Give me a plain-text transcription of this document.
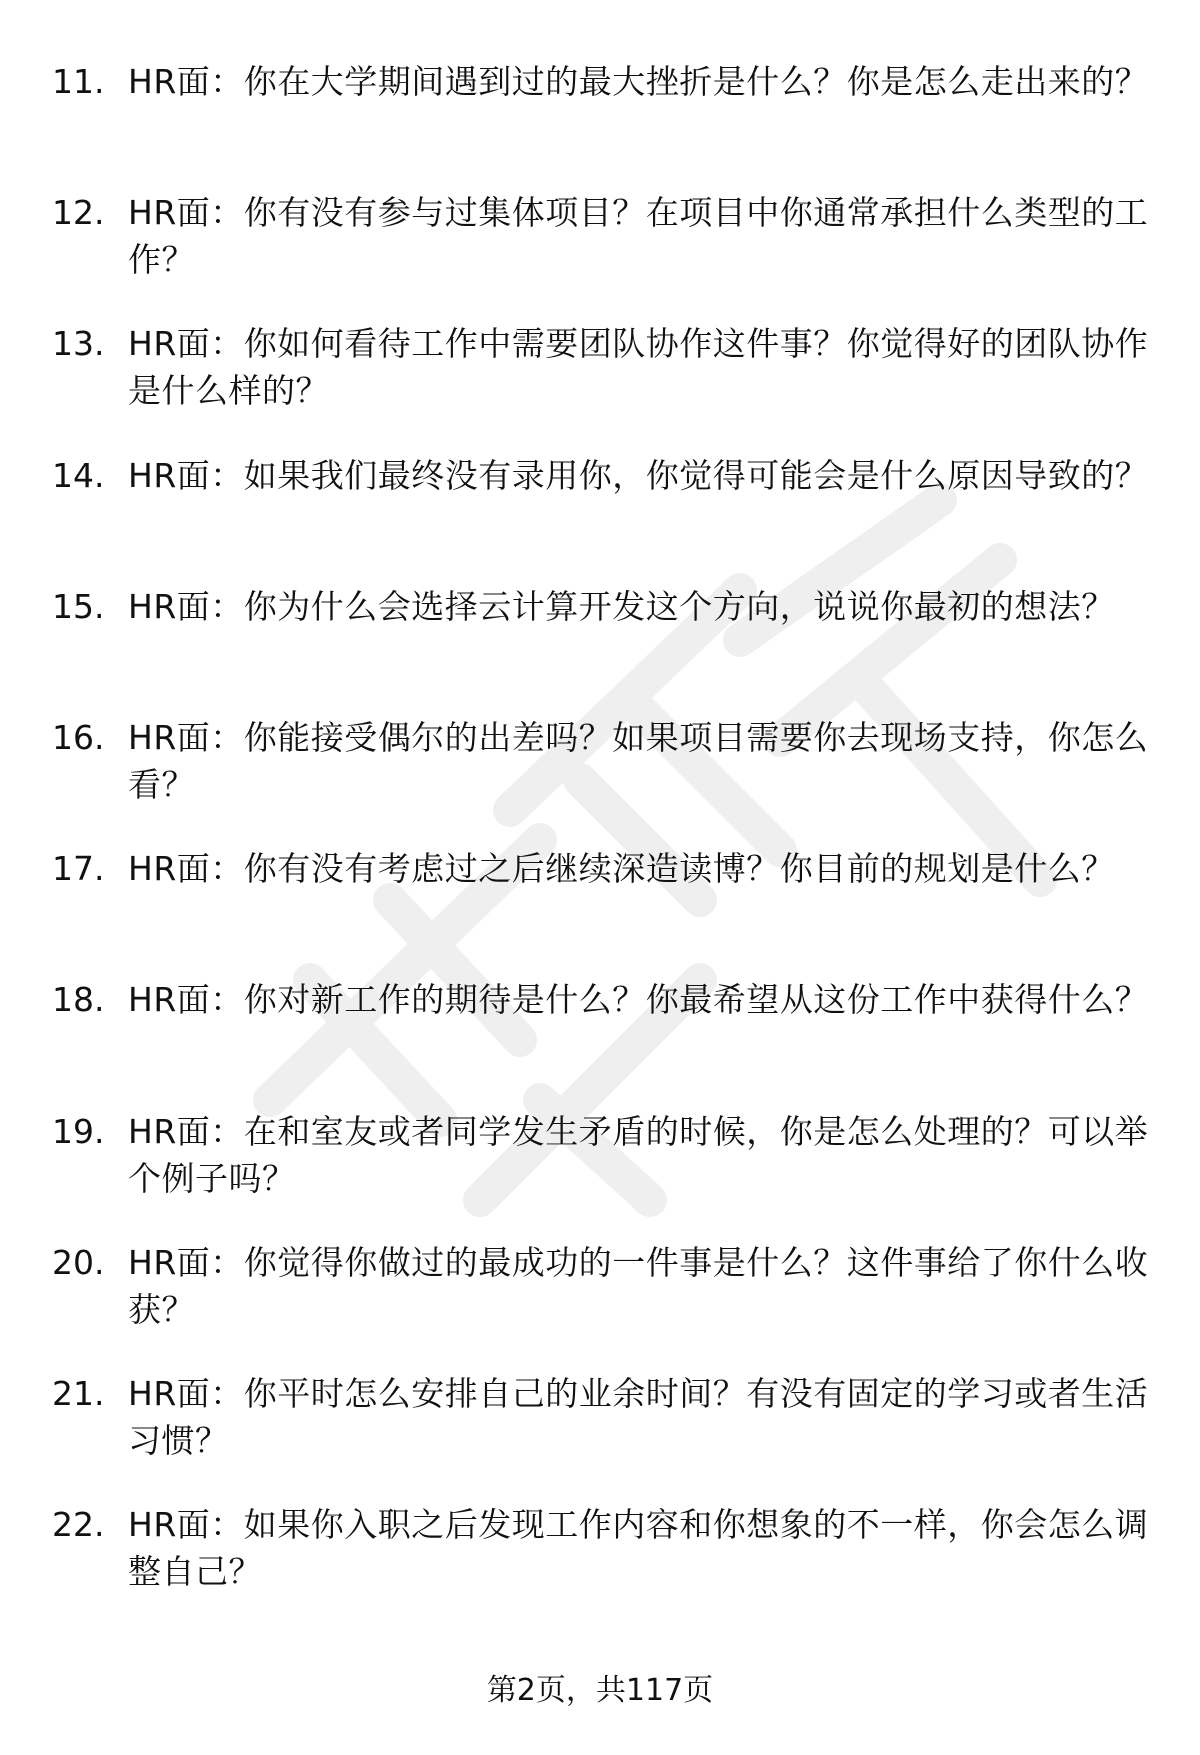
11. HR面：你在大学期间遇到过的最大挫折是什么？你是怎么走出来的？
12. HR面：你有没有参与过集体项目？在项目中你通常承担什么类型的工作？
13. HR面：你如何看待工作中需要团队协作这件事？你觉得好的团队协作是什么样的？
14. HR面：如果我们最终没有录用你，你觉得可能会是什么原因导致的？
15. HR面：你为什么会选择云计算开发这个方向，说说你最初的想法？
16. HR面：你能接受偶尔的出差吗？如果项目需要你去现场支持，你怎么看？
17. HR面：你有没有考虑过之后继续深造读博？你目前的规划是什么？
18. HR面：你对新工作的期待是什么？你最希望从这份工作中获得什么？
19. HR面：在和室友或者同学发生矛盾的时候，你是怎么处理的？可以举个例子吗？
20. HR面：你觉得你做过的最成功的一件事是什么？这件事给了你什么收获？
21. HR面：你平时怎么安排自己的业余时间？有没有固定的学习或者生活习惯？
22. HR面：如果你入职之后发现工作内容和你想象的不一样，你会怎么调整自己？
第2页，共117页
